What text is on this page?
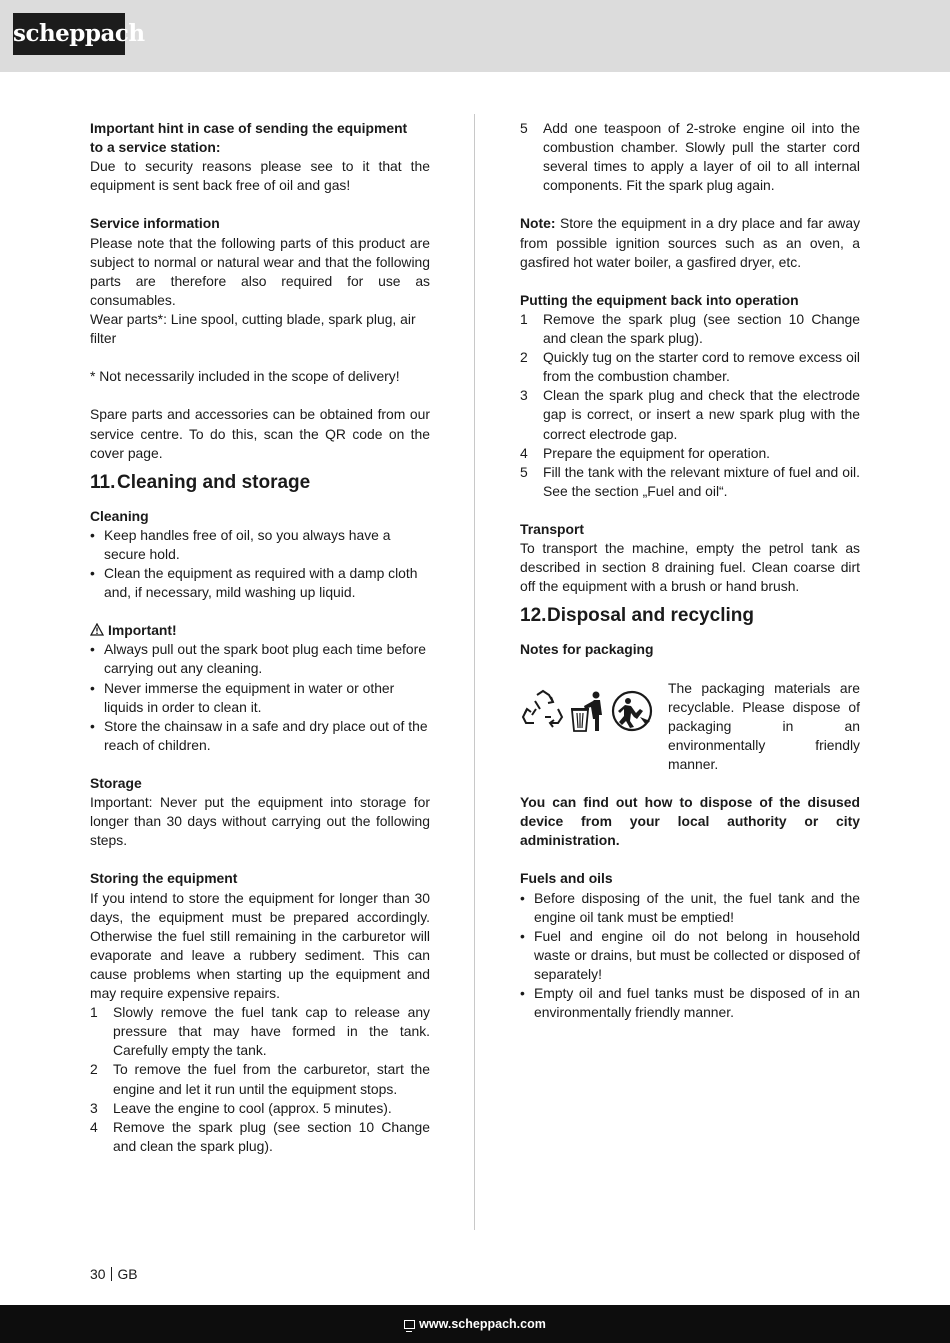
scheppach

Important hint in case of sending the equipment

to a service station:

Due to security reasons please see to it that the equipment is sent back free of oil and gas!

Service information

Please note that the following parts of this product are subject to normal or natural wear and that the following parts are therefore also required for use as consumables.

Wear parts*: Line spool, cutting blade, spark plug, air filter

* Not necessarily included in the scope of delivery!

Spare parts and accessories can be obtained from our service centre. To do this, scan the QR code on the cover page.

11.Cleaning and storage

Cleaning

• Keep handles free of oil, so you always have a secure hold.
• Clean the equipment as required with a damp cloth and, if necessary, mild washing up liquid.

Important!

• Always pull out the spark boot plug each time before carrying out any cleaning.
• Never immerse the equipment in water or other liquids in order to clean it.
• Store the chainsaw in a safe and dry place out of the reach of children.

Storage

Important: Never put the equipment into storage for longer than 30 days without carrying out the following steps.

Storing the equipment

If you intend to store the equipment for longer than 30 days, the equipment must be prepared accordingly. Otherwise the fuel still remaining in the carburetor will evaporate and leave a rubbery sediment. This can cause problems when starting up the equipment and may require expensive repairs.

1	Slowly remove the fuel tank cap to release any pressure that may have formed in the tank. Carefully empty the tank.
2	To remove the fuel from the carburetor, start the engine and let it run until the equipment stops.
3	Leave the engine to cool (approx. 5 minutes).
4	Remove the spark plug (see section 10 Change and clean the spark plug).
5	Add one teaspoon of 2-stroke engine oil into the combustion chamber. Slowly pull the starter cord several times to apply a layer of oil to all internal components. Fit the spark plug again.

Note: Store the equipment in a dry place and far away from possible ignition sources such as an oven, a gasfired hot water boiler, a gasfired dryer, etc.

Putting the equipment back into operation

1	Remove the spark plug (see section 10 Change and clean the spark plug).
2	Quickly tug on the starter cord to remove excess oil from the combustion chamber.
3	Clean the spark plug and check that the electrode gap is correct, or insert a new spark plug with the correct electrode gap.
4	Prepare the equipment for operation.
5	Fill the tank with the relevant mixture of fuel and oil. See the section „Fuel and oil“.

Transport

To transport the machine, empty the petrol tank as described in section 8 draining fuel. Clean coarse dirt off the equipment with a brush or hand brush.

12.Disposal and recycling

Notes for packaging

The packaging materials are recyclable. Please dispose of packaging in an environmentally friendly manner.

You can find out how to dispose of the disused device from your local authority or city administration.

Fuels and oils

• Before disposing of the unit, the fuel tank and the engine oil tank must be emptied!
• Fuel and engine oil do not belong in household waste or drains, but must be collected or disposed of separately!
• Empty oil and fuel tanks must be disposed of in an environmentally friendly manner.
30 GB
www.scheppach.com
